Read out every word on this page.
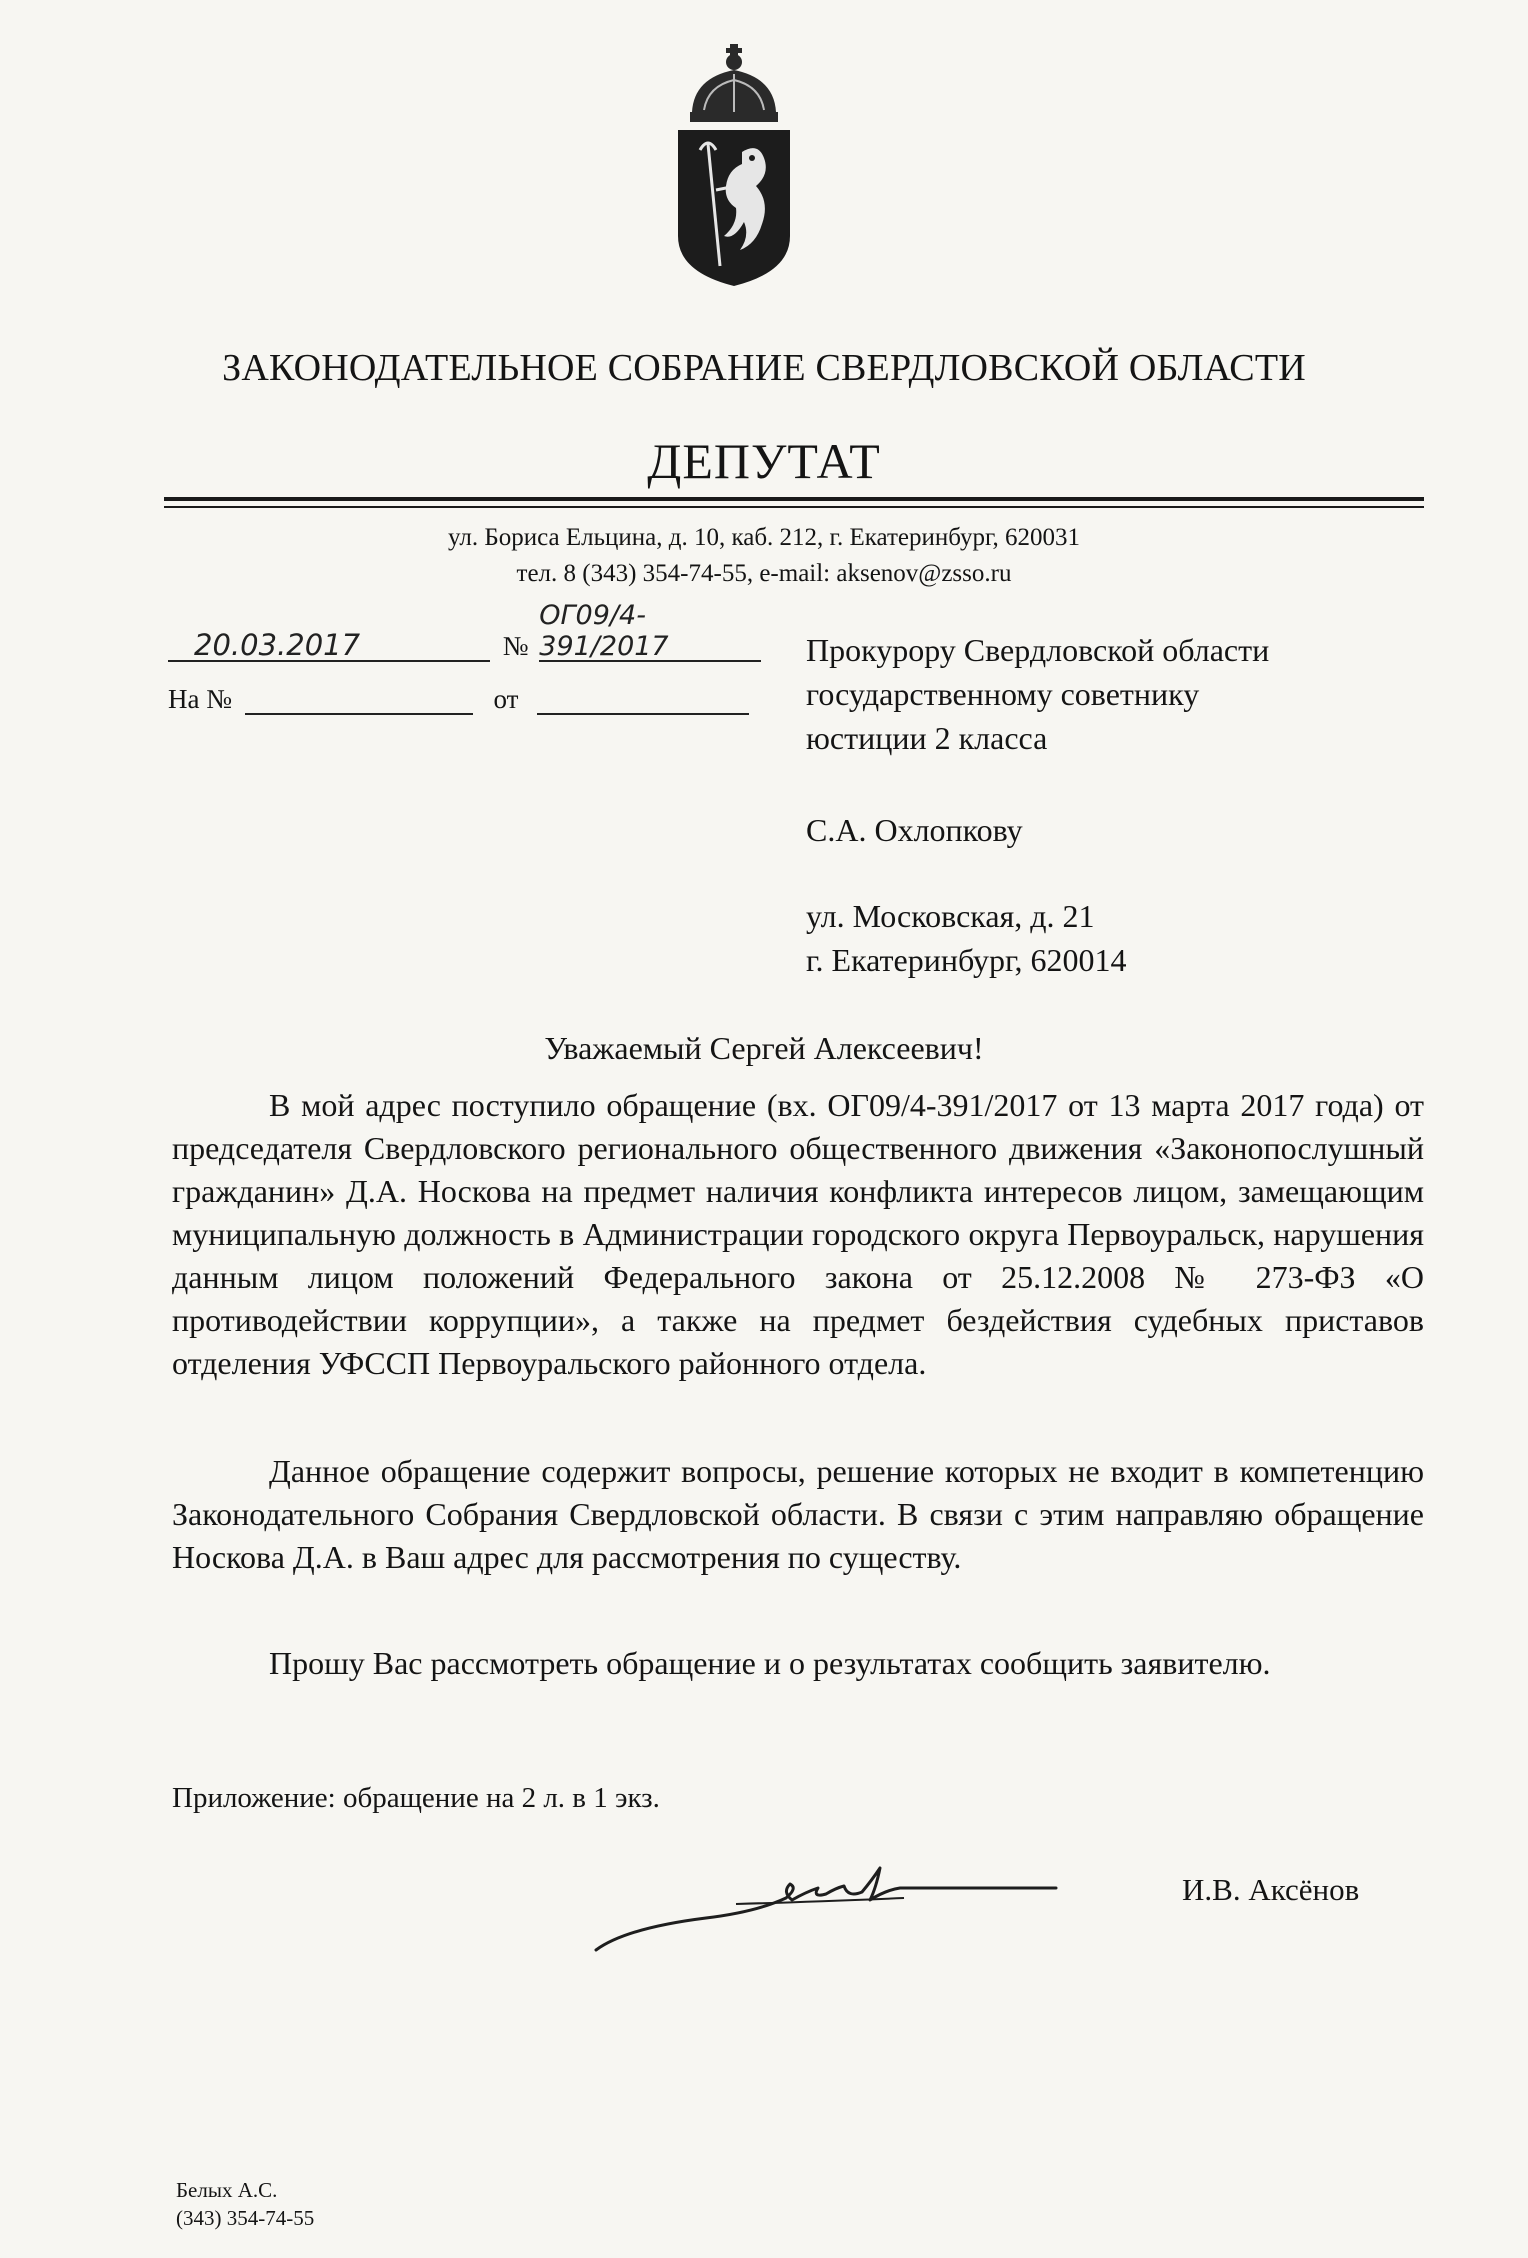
ЗАКОНОДАТЕЛЬНОЕ СОБРАНИЕ СВЕРДЛОВСКОЙ ОБЛАСТИ
ДЕПУТАТ
ул. Бориса Ельцина, д. 10, каб. 212, г. Екатеринбург, 620031
тел. 8 (343) 354-74-55, e-mail: aksenov@zsso.ru
20.03.2017	№
ОГ09/4-391/2017
На №	от
Прокурору Свердловской области
государственному советнику
юстиции 2 класса
С.А. Охлопкову
ул. Московская, д. 21
г. Екатеринбург, 620014
Уважаемый Сергей Алексеевич!
В мой адрес поступило обращение (вх. ОГ09/4-391/2017 от 13 марта 2017 года) от председателя Свердловского регионального общественного движения «Законопослушный гражданин» Д.А. Носкова на предмет наличия конфликта интересов лицом, замещающим муниципальную должность в Администрации городского округа Первоуральск, нарушения данным лицом положений Федерального закона от 25.12.2008 № 273-ФЗ «О противодействии коррупции», а также на предмет бездействия судебных приставов отделения УФССП Первоуральского районного отдела.
Данное обращение содержит вопросы, решение которых не входит в компетенцию Законодательного Собрания Свердловской области. В связи с этим направляю обращение Носкова Д.А. в Ваш адрес для рассмотрения по существу.
Прошу Вас рассмотреть обращение и о результатах сообщить заявителю.
Приложение: обращение на 2 л. в 1 экз.
И.В. Аксёнов
Белых А.С.
(343) 354-74-55
